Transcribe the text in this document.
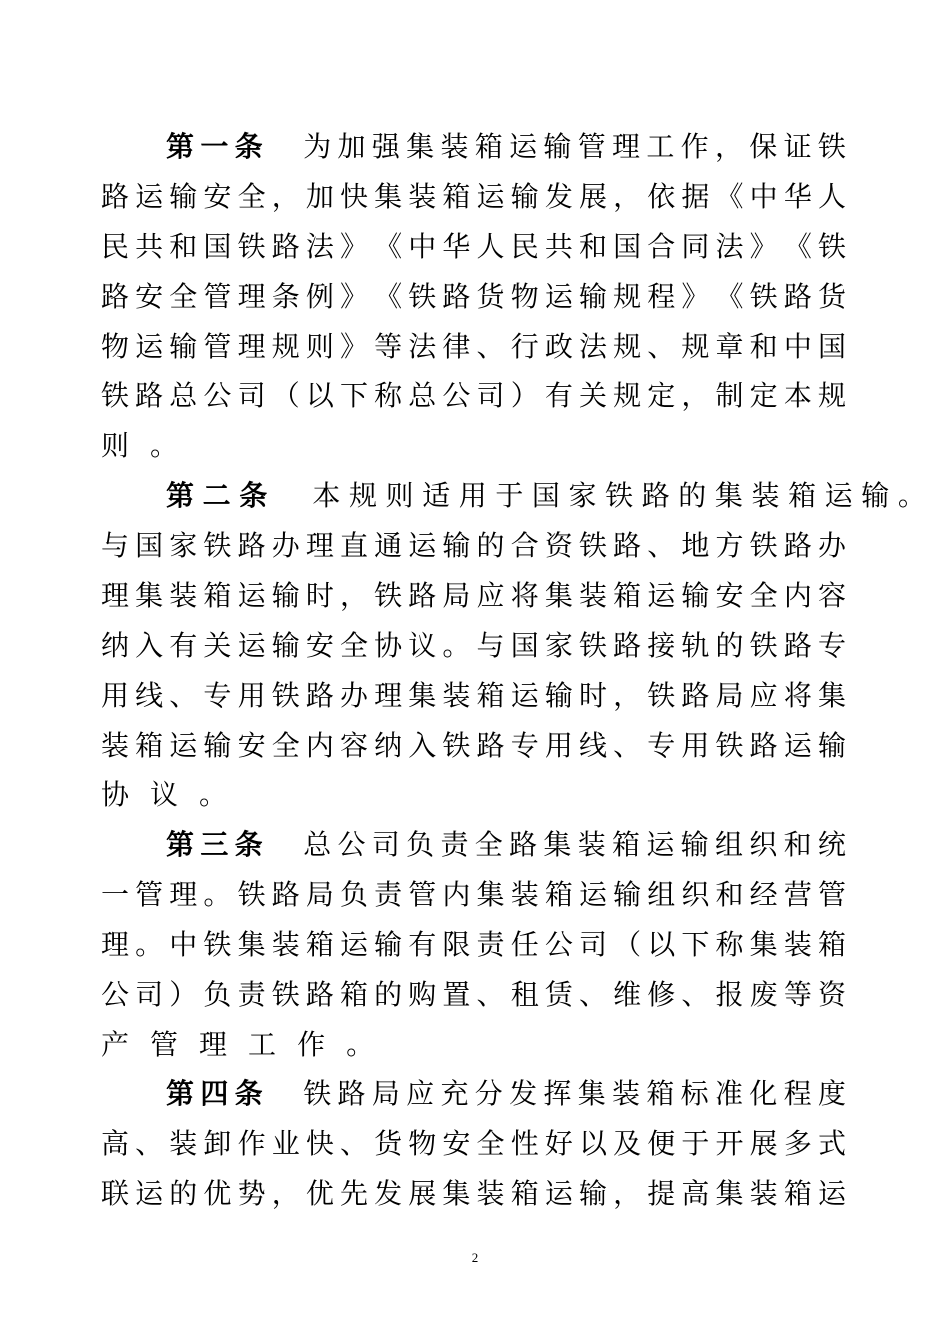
第 一 条 为 加 强 集 装 箱 运 输 管 理 工 作 ， 保 证 铁
路 运 输 安 全 ， 加 快 集 装 箱 运 输 发 展 ， 依 据 《 中 华 人
民 共 和 国 铁 路 法 》 《 中 华 人 民 共 和 国 合 同 法 》 《 铁
路 安 全 管 理 条 例 》 《 铁 路 货 物 运 输 规 程 》 《 铁 路 货
物 运 输 管 理 规 则 》 等 法 律 、 行 政 法 规 、 规 章 和 中 国
铁 路 总 公 司 （ 以 下 称 总 公 司 ） 有 关 规 定 ， 制 定 本 规
则 。
第 二 条 本 规 则 适 用 于 国 家 铁 路 的 集 装 箱 运 输 。
与 国 家 铁 路 办 理 直 通 运 输 的 合 资 铁 路 、 地 方 铁 路 办
理 集 装 箱 运 输 时 ， 铁 路 局 应 将 集 装 箱 运 输 安 全 内 容
纳 入 有 关 运 输 安 全 协 议 。 与 国 家 铁 路 接 轨 的 铁 路 专
用 线 、 专 用 铁 路 办 理 集 装 箱 运 输 时 ， 铁 路 局 应 将 集
装 箱 运 输 安 全 内 容 纳 入 铁 路 专 用 线 、 专 用 铁 路 运 输
协 议 。
第 三 条 总 公 司 负 责 全 路 集 装 箱 运 输 组 织 和 统
一 管 理 。 铁 路 局 负 责 管 内 集 装 箱 运 输 组 织 和 经 营 管
理 。 中 铁 集 装 箱 运 输 有 限 责 任 公 司 （ 以 下 称 集 装 箱
公 司 ） 负 责 铁 路 箱 的 购 置 、 租 赁 、 维 修 、 报 废 等 资
产 管 理 工 作 。
第 四 条 铁 路 局 应 充 分 发 挥 集 装 箱 标 准 化 程 度
高 、 装 卸 作 业 快 、 货 物 安 全 性 好 以 及 便 于 开 展 多 式
联 运 的 优 势 ， 优 先 发 展 集 装 箱 运 输 ， 提 高 集 装 箱 运
2
